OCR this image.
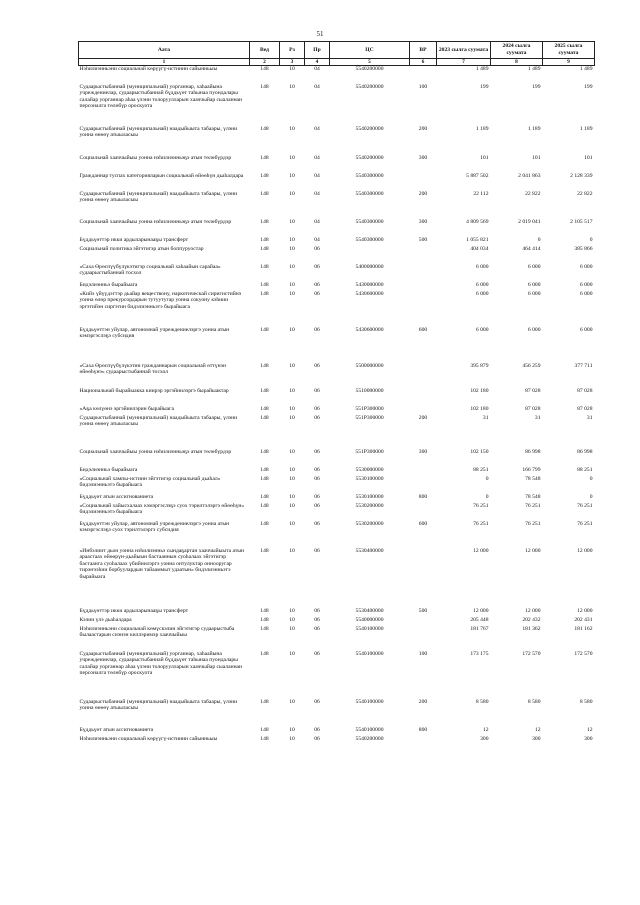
51
Аата	Вед	Рз	Пр	ЦС	ВР	2023 сылга суумата	2024 сылга суумата	2025 сылга суумата
1	2	3	4	5	6	7	8	9
Нэһилиэнньэни социальнай көрүүгү-истиини сайынньыы	148	10	04	5540200000		1 489	1 489	1 489
Судаарыстыбаннай (муниципальнай) уорганнар, хаһаайына учреждениелар, судаарыстыбаннай бүддьүөт таһынаа пуондалары салайар уорганнар аһаа үлэни толоруулларын хааччыйар сыаланнан персоналга төлөбүр ороскуота	148	10	04	5540200000	100	199	199	199
Судаарыстыбаннай (муниципальнай) наадыйыыта табаары, үлэни уонна өнөөү атыыласыы	148	10	04	5540200000	200	1 189	1 189	1 189
Социальнай хааччыйыы уонна нэһилиэнньэҕэ атын төлөбүрдэр	148	10	04	5540200000	300	101	101	101
Гражданнар туспах категорияларын социальнай өйөөһүн дьаһалдара	148	10	04	5540300000		5 887 502	2 041 863	2 128 339
Судаарыстыбаннай (муниципальнай) наадыйыыта табаары, үлэни уонна өнөөү атыыласыы	148	10	04	5540300000	200	22 112	22 822	22 822
Социальнай хааччыйыы уонна нэһилиэнньэҕэ атын төлөбүрдэр	148	10	04	5540300000	300	4 809 569	2 019 041	2 105 517
Бүддьүөттэр икки ардыларынааҕы трансферт	148	10	04	5540300000	500	1 055 821	0	0
Социальнай политика эйгэтигэр атын боппуруостар	148	10	06			404 034	464 414	385 866
«Саха Өрөспүүбүлүкэтигэр социальнай хаһаайын сарайаа» судаарыстыбаннай тосхол	148	10	06	5400000000		6 000	6 000	6 000
Бидэлиэнньэ бырайыага	148	10	06	5430000000		6 000	6 000	6 000
«Кийэ үйүүдэгтэр дьайар веществону, наркотическай сиригистийнэ уонна өлөр прекурсордарын тутуутугар уонна сокуону кэһиии эргэтийэн сиргэтин бидэлиэнньэтэ бырайыага	148	10	06	5430600000		6 000	6 000	6 000
Бүддьүөттэн уйулар, автономнай учреждениелэргэ уонна атын кэмэргэслэҕэ субсидия	148	10	06	5430600000	600	6 000	6 000	6 000
«Саха Өрөспүүбүлүкэтин гражданнарын социальнай өттүнэн өйөөһүнэ» судаарыстыбаннай тосхол	148	10	06	5500000000		395 879	456 259	377 711
Национальнай бырайыакка киирэр эргэйиилэргэ бырайыактар	148	10	06	5510000000		102 180	87 028	87 028
«Аҕа көлүөнэ эргэйиилэрин бырайыага	148	10	06	551P300000		102 180	87 028	87 028
Судаарыстыбаннай (муниципальнай) наадыйыыта табаары, үлэни уонна өнөөү атыыласыы	148	10	06	551P300000	200	31	31	31
Социальнай хааччыйыы уонна нэһилиэнньэҕэ атын төлөбүрдэр	148	10	06	551P300000	300	102 150	86 998	86 998
Бидэлиэнньэ бырайыага	148	10	06	5530000000		88 251	166 799	88 251
«Социальнай хампы-истиин эйгэтигэр социальнай дьаһал» бидэлиэнньэтэ бырайыага	148	10	06	5530100000		0	78 548	0
Бүддьүөт атын ассигнованиета	148	10	06	5530100000	800	0	78 548	0
«Социальнай хайысхалаах кэмэргэслэҕэ суох тэрилтэлэргэ өйөөһүн» бидэлиэнньэтэ бырайыага	148	10	06	5530200000		76 251	76 251	76 251
Бүддьүөттэн уйулар, автономнай учреждениелэргэ уонна атын кэмэргэслэҕэ суох тэрилтэлэргэ субсидия	148	10	06	5530200000	600	76 251	76 251	76 251
«Инбэлиит дьон уонна нэһилиэнньэ сындаҕартан хааччыйыыта атын араастаах өйөөрүн-дьайыын бастааннын суоһалаах эйгэтигэр бастаанга суоһалаах үбийиилэргэ уонна онтулуктар оннооругар тирэҥээһии борбуулардын тайааммыт удаатын» бидэлиэнньэтэ бырайыага	148	10	06	5530400000		12 000	12 000	12 000
Бүддьүөттэр икки ардыларынааҕы трансферт	148	10	06	5530400000	500	12 000	12 000	12 000
Кэлии үлэ дьаһалдара	148	10	06	5540000000		205 448	202 432	202 431
Нэһилиэнньэни социальнай көмүскэлин эйгэтигэр судаарыстыба былаастарын сиэнэн киллэримэр хааччыйыы	148	10	06	5540100000		181 767	181 362	181 162
Судаарыстыбаннай (муниципальнай) уорганнар, хаһаайына учреждениелар, судаарыстыбаннай бүддьүөт таһынаа пуондалары салайар уорганнар аһаа үлэни толоруулларын хааччыйар сыаланнан персоналга төлөбүр ороскуота	148	10	06	5540100000	100	173 175	172 570	172 570
Судаарыстыбаннай (муниципальнай) наадыйыыта табаары, үлэни уонна өнөөү атыыласыы	148	10	06	5540100000	200	8 580	8 580	8 580
Бүддьүөт атын ассигнованиета	148	10	06	5540100000	800	12	12	12
Нэһилиэнньэни социальнай көрүүгү-истиини сайынньыы	148	10	06	5540200000		300	300	300
